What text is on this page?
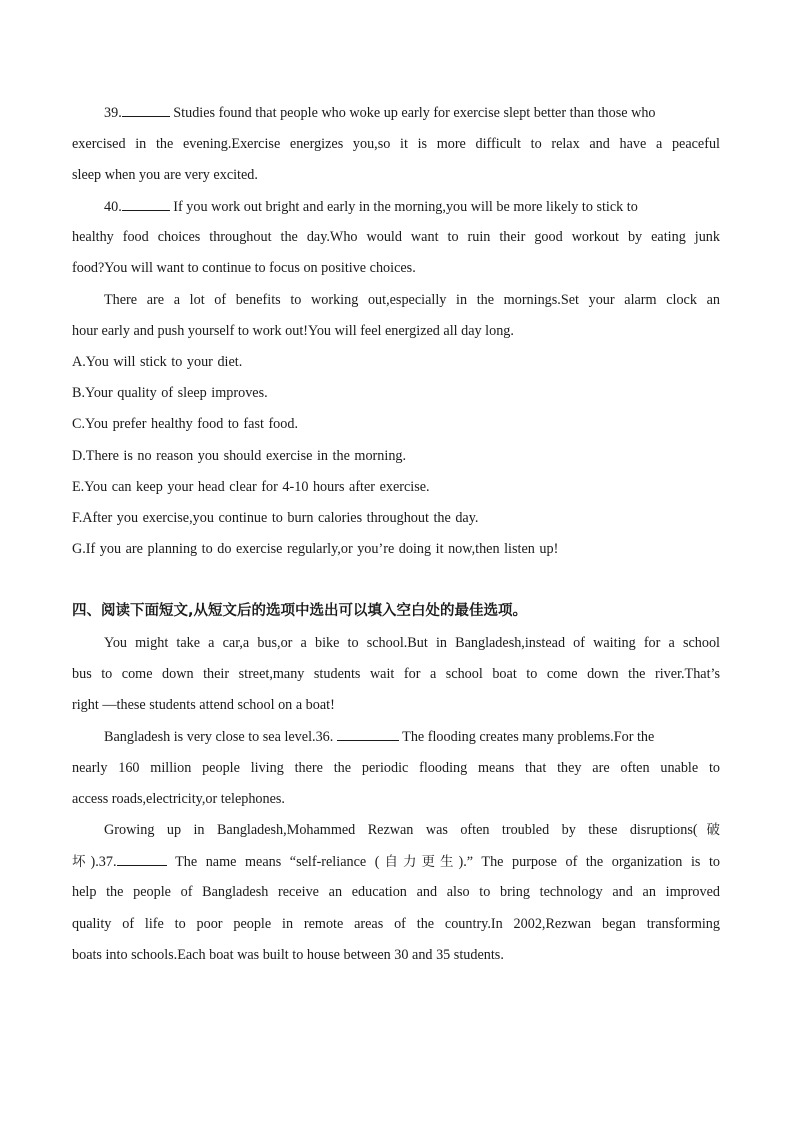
39.	Studies found that people who woke up early for exercise slept better than those who
exercised in the evening.Exercise energizes you,so it is more difficult to relax and have a peaceful
sleep when you are very excited.
40.	If you work out bright and early in the morning,you will be more likely to stick to
healthy food choices throughout the day.Who would want to ruin their good workout by eating junk
food?You will want to continue to focus on positive choices.
There are a lot of benefits to working out,especially in the mornings.Set your alarm clock an
hour early and push yourself to work out!You will feel energized all day long.
A.You will stick to your diet.
B.Your quality of sleep improves.
C.You prefer healthy food to fast food.
D.There is no reason you should exercise in the morning.
E.You can keep your head clear for 4-10 hours after exercise.
F.After you exercise,you continue to burn calories throughout the day.
G.If you are planning to do exercise regularly,or you’re doing it now,then listen up!
四、阅读下面短文,从短文后的选项中选出可以填入空白处的最佳选项。
You might take a car,a bus,or a bike to school.But in Bangladesh,instead of waiting for a school
bus to come down their street,many students wait for a school boat to come down the river.That’s
right —these students attend school on a boat!
Bangladesh is very close to sea level.36.	The flooding creates many problems.For the
nearly 160 million people living there the periodic flooding means that they are often unable to
access roads,electricity,or telephones.
Growing up in Bangladesh,Mohammed Rezwan was often troubled by these disruptions(破
坏).37.	The name means “self-reliance (自力更生).” The purpose of the organization is to
help the people of Bangladesh receive an education and also to bring technology and an improved
quality of life to poor people in remote areas of the country.In 2002,Rezwan began transforming
boats into schools.Each boat was built to house between 30 and 35 students.
